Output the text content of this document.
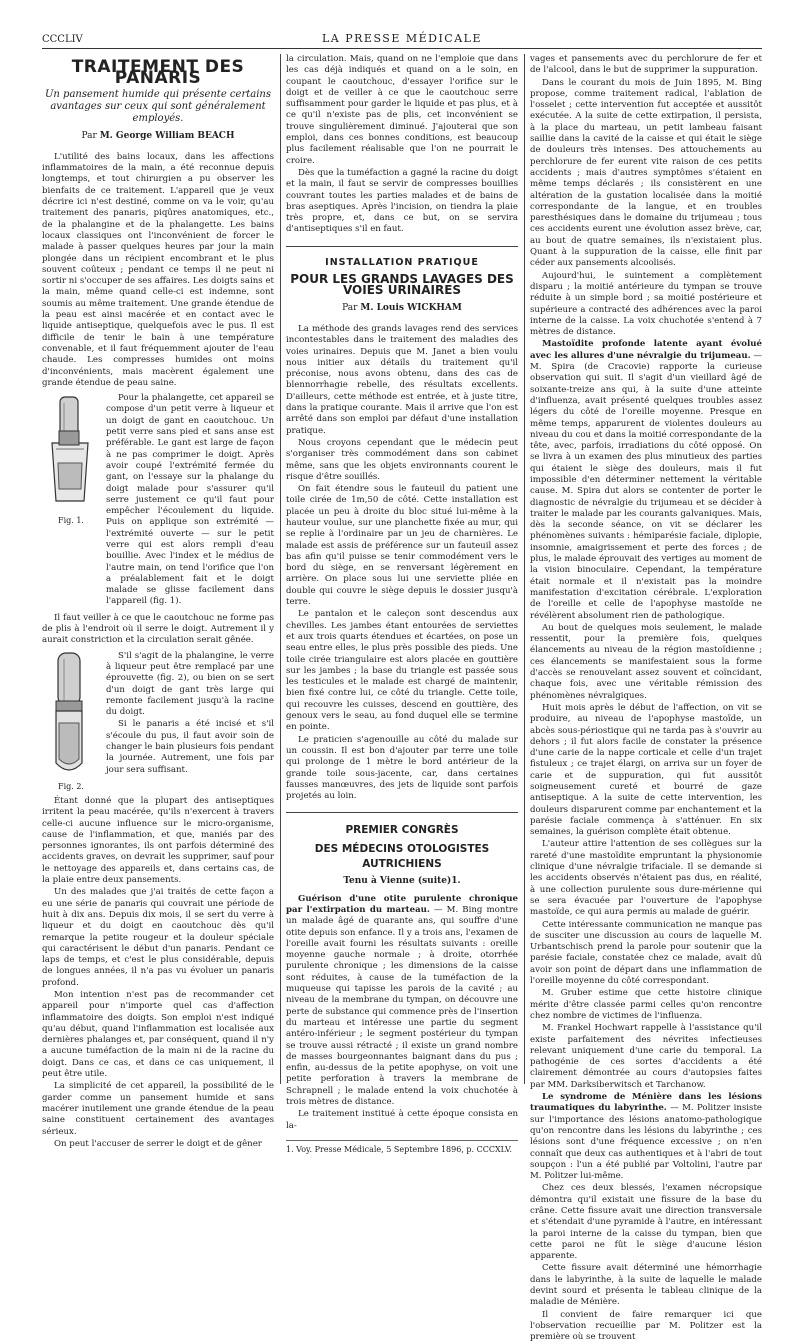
CCCLIV	LA PRESSE MÉDICALE
TRAITEMENT DES PANARIS
Un pansement humide qui présente certains avantages sur ceux qui sont généralement employés.
Par M. George William BEACH

L'utilité des bains locaux, dans les affections inflammatoires de la main, a été reconnue depuis longtemps, et tout chirurgien a pu observer les bienfaits de ce traitement. L'appareil que je veux décrire ici n'est destiné, comme on va le voir, qu'au traitement des panaris, piqûres anatomiques, etc., de la phalangine et de la phalangette. Les bains locaux classiques ont l'inconvénient de forcer le malade à passer quelques heures par jour la main plongée dans un récipient encombrant et le plus souvent coûteux ; pendant ce temps il ne peut ni sortir ni s'occuper de ses affaires. Les doigts sains et la main, même quand celle-ci est indemne, sont soumis au même traitement. Une grande étendue de la peau est ainsi macérée et en contact avec le liquide antiseptique, quelquefois avec le pus. Il est difficile de tenir le bain à une température convenable, et il faut fréquemment ajouter de l'eau chaude. Les compresses humides ont moins d'inconvénients, mais macèrent également une grande étendue de peau saine.

Fig. 1.

Pour la phalangette, cet appareil se compose d'un petit verre à liqueur et un doigt de gant en caoutchouc. Un petit verre sans pied et sans anse est préférable. Le gant est large de façon à ne pas comprimer le doigt. Après avoir coupé l'extrémité fermée du gant, on l'essaye sur la phalange du doigt malade pour s'assurer qu'il serre justement ce qu'il faut pour empêcher l'écoulement du liquide. Puis on applique son extrémité — l'extrémité ouverte — sur le petit verre qui est alors rempli d'eau bouillie. Avec l'index et le médius de l'autre main, on tend l'orifice que l'on a préalablement fait et le doigt malade se glisse facilement dans l'appareil (fig. 1).

Il faut veiller à ce que le caoutchouc ne forme pas de plis à l'endroit où il serre le doigt. Autrement il y aurait constriction et la circulation serait gênée.

Fig. 2.

S'il s'agit de la phalangine, le verre à liqueur peut être remplacé par une éprouvette (fig. 2), ou bien on se sert d'un doigt de gant très large qui remonte facilement jusqu'à la racine du doigt.

Si le panaris a été incisé et s'il s'écoule du pus, il faut avoir soin de changer le bain plusieurs fois pendant la journée. Autrement, une fois par jour sera suffisant.

Étant donné que la plupart des antiseptiques irritent la peau macérée, qu'ils n'exercent à travers celle-ci aucune influence sur le micro-organisme, cause de l'inflammation, et que, maniés par des personnes ignorantes, ils ont parfois déterminé des accidents graves, on devrait les supprimer, sauf pour le nettoyage des appareils et, dans certains cas, de la plaie entre deux pansements.

Un des malades que j'ai traités de cette façon a eu une série de panaris qui couvrait une période de huit à dix ans. Depuis dix mois, il se sert du verre à liqueur et du doigt en caoutchouc dès qu'il remarque la petite rougeur et la douleur spéciale qui caractérisent le début d'un panaris. Pendant ce laps de temps, et c'est le plus considérable, depuis de longues années, il n'a pas vu évoluer un panaris profond.

Mon intention n'est pas de recommander cet appareil pour n'importe quel cas d'affection inflammatoire des doigts. Son emploi n'est indiqué qu'au début, quand l'inflammation est localisée aux dernières phalanges et, par conséquent, quand il n'y a aucune tuméfaction de la main ni de la racine du doigt. Dans ce cas, et dans ce cas uniquement, il peut être utile.

La simplicité de cet appareil, la possibilité de le garder comme un pansement humide et sans macérer inutilement une grande étendue de la peau saine constituent certainement des avantages sérieux.

On peut l'accuser de serrer le doigt et de gêner

la circulation. Mais, quand on ne l'emploie que dans les cas déjà indiqués et quand on a le soin, en coupant le caoutchouc, d'essayer l'orifice sur le doigt et de veiller à ce que le caoutchouc serre suffisamment pour garder le liquide et pas plus, et à ce qu'il n'existe pas de plis, cet inconvénient se trouve singulièrement diminué. J'ajouterai que son emploi, dans ces bonnes conditions, est beaucoup plus facilement réalisable que l'on ne pourrait le croire.

Dès que la tuméfaction a gagné la racine du doigt et la main, il faut se servir de compresses bouillies couvrant toutes les parties malades et de bains de bras aseptiques. Après l'incision, on tiendra la plaie très propre, et, dans ce but, on se servira d'antiseptiques s'il en faut.

INSTALLATION PRATIQUE
POUR LES GRANDS LAVAGES DES VOIES URINAIRES
Par M. Louis WICKHAM

La méthode des grands lavages rend des services incontestables dans le traitement des maladies des voies urinaires. Depuis que M. Janet a bien voulu nous initier aux détails du traitement qu'il préconise, nous avons obtenu, dans des cas de blennorrhagie rebelle, des résultats excellents. D'ailleurs, cette méthode est entrée, et à juste titre, dans la pratique courante. Mais il arrive que l'on est arrêté dans son emploi par défaut d'une installation pratique.

Nous croyons cependant que le médecin peut s'organiser très commodément dans son cabinet même, sans que les objets environnants courent le risque d'être souillés.

On fait étendre sous le fauteuil du patient une toile cirée de 1m,50 de côté. Cette installation est placée un peu à droite du bloc situé lui-même à la hauteur voulue, sur une planchette fixée au mur, qui se replie à l'ordinaire par un jeu de charnières. Le malade est assis de préférence sur un fauteuil assez bas afin qu'il puisse se tenir commodément vers le bord du siège, en se renversant légèrement en arrière. On place sous lui une serviette pliée en double qui couvre le siège depuis le dossier jusqu'à terre.

Le pantalon et le caleçon sont descendus aux chevilles. Les jambes étant entourées de serviettes et aux trois quarts étendues et écartées, on pose un seau entre elles, le plus près possible des pieds. Une toile cirée triangulaire est alors placée en gouttière sur les jambes ; la base du triangle est passée sous les testicules et le malade est chargé de maintenir, bien fixé contre lui, ce côté du triangle. Cette toile, qui recouvre les cuisses, descend en gouttière, des genoux vers le seau, au fond duquel elle se termine en pointe.

Le praticien s'agenouille au côté du malade sur un coussin. Il est bon d'ajouter par terre une toile qui prolonge de 1 mètre le bord antérieur de la grande toile sous-jacente, car, dans certaines fausses manœuvres, des jets de liquide sont parfois projetés au loin.

PREMIER CONGRÈS
DES MÉDECINS OTOLOGISTES AUTRICHIENS
Tenu à Vienne (suite)1.

Guérison d'une otite purulente chronique par l'extirpation du marteau. — M. Bing montre un malade âgé de quarante ans, qui souffre d'une otite depuis son enfance. Il y a trois ans, l'examen de l'oreille avait fourni les résultats suivants : oreille moyenne gauche normale ; à droite, otorrhée purulente chronique ; les dimensions de la caisse sont réduites, à cause de la tuméfaction de la muqueuse qui tapisse les parois de la cavité ; au niveau de la membrane du tympan, on découvre une perte de substance qui commence près de l'insertion du marteau et intéresse une partie du segment antéro-inférieur ; le segment postérieur du tympan se trouve aussi rétracté ; il existe un grand nombre de masses bourgeonnantes baignant dans du pus ; enfin, au-dessus de la petite apophyse, on voit une petite perforation à travers la membrane de Schrapnell ; le malade entend la voix chuchotée à trois mètres de distance.

Le traitement institué à cette époque consista en la-

1. Voy. Presse Médicale, 5 Septembre 1896, p. CCCXLV.

vages et pansements avec du perchlorure de fer et de l'alcool, dans le but de supprimer la suppuration.

Dans le courant du mois de Juin 1895, M. Bing propose, comme traitement radical, l'ablation de l'osselet ; cette intervention fut acceptée et aussitôt exécutée. A la suite de cette extirpation, il persista, à la place du marteau, un petit lambeau faisant saillie dans la cavité de la caisse et qui était le siège de douleurs très intenses. Des attouchements au perchlorure de fer eurent vite raison de ces petits accidents ; mais d'autres symptômes s'étaient en même temps déclarés ; ils consistèrent en une altération de la gustation localisée dans la moitié correspondante de la langue, et en troubles paresthésiques dans le domaine du trijumeau ; tous ces accidents eurent une évolution assez brève, car, au bout de quatre semaines, ils n'existaient plus. Quant à la suppuration de la caisse, elle finit par céder aux pansements alcoolisés.

Aujourd'hui, le suintement a complètement disparu ; la moitié antérieure du tympan se trouve réduite à un simple bord ; sa moitié postérieure et supérieure a contracté des adhérences avec la paroi interne de la caisse. La voix chuchotée s'entend à 7 mètres de distance.

Mastoïdite profonde latente ayant évolué avec les allures d'une névralgie du trijumeau. — M. Spira (de Cracovie) rapporte la curieuse observation qui suit. Il s'agit d'un vieillard âgé de soixante-treize ans qui, à la suite d'une atteinte d'influenza, avait présenté quelques troubles assez légers du côté de l'oreille moyenne. Presque en même temps, apparurent de violentes douleurs au niveau du cou et dans la moitié correspondante de la tête, avec, parfois, irradiations du côté opposé. On se livra à un examen des plus minutieux des parties qui étaient le siège des douleurs, mais il fut impossible d'en déterminer nettement la véritable cause. M. Spira dut alors se contenter de porter le diagnostic de névralgie du trijumeau et se décider à traiter le malade par les courants galvaniques. Mais, dès la seconde séance, on vit se déclarer les phénomènes suivants : hémiparésie faciale, diplopie, insomnie, amaigrissement et perte des forces ; de plus, le malade éprouvait des vertiges au moment de la vision binoculaire. Cependant, la température était normale et il n'existait pas la moindre manifestation d'excitation cérébrale. L'exploration de l'oreille et celle de l'apophyse mastoïde ne révélèrent absolument rien de pathologique.

Au bout de quelques mois seulement, le malade ressentit, pour la première fois, quelques élancements au niveau de la région mastoïdienne ; ces élancements se manifestaient sous la forme d'accès se renouvelant assez souvent et coïncidant, chaque fois, avec une véritable rémission des phénomènes névralgiques.

Huit mois après le début de l'affection, on vit se produire, au niveau de l'apophyse mastoïde, un abcès sous-périostique qui ne tarda pas à s'ouvrir au dehors ; il fut alors facile de constater la présence d'une carie de la nappe corticale et celle d'un trajet fistuleux ; ce trajet élargi, on arriva sur un foyer de carie et de suppuration, qui fut aussitôt soigneusement cureté et bourré de gaze antiseptique. A la suite de cette intervention, les douleurs disparurent comme par enchantement et la parésie faciale commença à s'atténuer. En six semaines, la guérison complète était obtenue.

L'auteur attire l'attention de ses collègues sur la rareté d'une mastoïdite empruntant la physionomie clinique d'une névralgie trifaciale. Il se demande si les accidents observés n'étaient pas dus, en réalité, à une collection purulente sous dure-mérienne qui se sera évacuée par l'ouverture de l'apophyse mastoïde, ce qui aura permis au malade de guérir.

Cette intéressante communication ne manque pas de susciter une discussion au cours de laquelle M. Urbantschisch prend la parole pour soutenir que la parésie faciale, constatée chez ce malade, avait dû avoir son point de départ dans une inflammation de l'oreille moyenne du côté correspondant.

M. Gruber estime que cette histoire clinique mérite d'être classée parmi celles qu'on rencontre chez nombre de victimes de l'influenza.

M. Frankel Hochwart rappelle à l'assistance qu'il existe parfaitement des névrites infectieuses relevant uniquement d'une carie du temporal. La pathogénie de ces sortes d'accidents a été clairement démontrée au cours d'autopsies faites par MM. Darksiberwitsch et Tarchanow.

Le syndrome de Ménière dans les lésions traumatiques du labyrinthe. — M. Politzer insiste sur l'importance des lésions anatomo-pathologique qu'on rencontre dans les lésions du labyrinthe ; ces lésions sont d'une fréquence excessive ; on n'en connaît que deux cas authentiques et à l'abri de tout soupçon : l'un a été publié par Voltolini, l'autre par M. Politzer lui-même.

Chez ces deux blessés, l'examen nécropsique démontra qu'il existait une fissure de la base du crâne. Cette fissure avait une direction transversale et s'étendait d'une pyramide à l'autre, en intéressant la paroi interne de la caisse du tympan, bien que cette paroi ne fût le siège d'aucune lésion apparente.

Cette fissure avait déterminé une hémorrhagie dans le labyrinthe, à la suite de laquelle le malade devint sourd et présenta le tableau clinique de la maladie de Ménière.

Il convient de faire remarquer ici que l'observation recueillie par M. Politzer est la première où se trouvent
